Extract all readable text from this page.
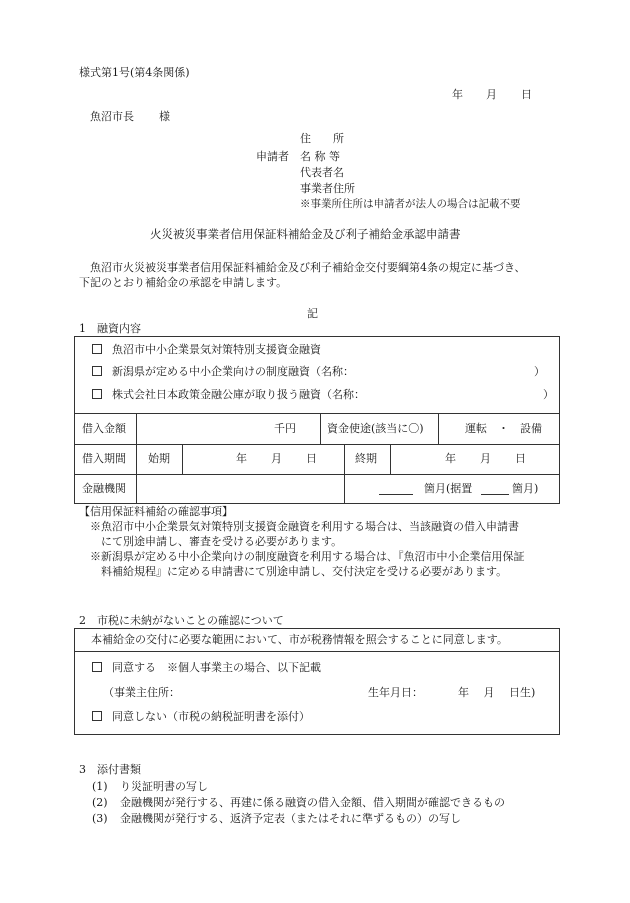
様式第1号(第4条関係)
年 月 日
魚沼市長 様
申請者
住　　所
名 称 等
代表者名
事業者住所
※事業所住所は申請者が法人の場合は記載不要
火災被災事業者信用保証料補給金及び利子補給金承認申請書
魚沼市火災被災事業者信用保証料補給金及び利子補給金交付要綱第4条の規定に基づき、
下記のとおり補給金の承認を申請します。
記
1　融資内容
魚沼市中小企業景気対策特別支援資金融資
新潟県が定める中小企業向けの制度融資（名称：	）
株式会社日本政策金融公庫が取り扱う融資（名称：	）
借入金額	千円	資金使途(該当に〇)	運転　・　設備
借入期間 始期	年 月 日	終期	年 月 日
金融機関	箇月(据置	箇月)
【信用保証料補給の確認事項】
※魚沼市中小企業景気対策特別支援資金融資を利用する場合は、当該融資の借入申請書
にて別途申請し、審査を受ける必要があります。
※新潟県が定める中小企業向けの制度融資を利用する場合は､『魚沼市中小企業信用保証
料補給規程』に定める申請書にて別途申請し、交付決定を受ける必要があります。
2　市税に未納がないことの確認について
本補給金の交付に必要な範囲において、市が税務情報を照会することに同意します。
同意する　※個人事業主の場合、以下記載
（事業主住所：	生年月日：	年　 月　 日生)
同意しない（市税の納税証明書を添付）
3　添付書類
(1) り災証明書の写し
(2) 金融機関が発行する、再建に係る融資の借入金額、借入期間が確認できるもの
(3) 金融機関が発行する、返済予定表（またはそれに準ずるもの）の写し
